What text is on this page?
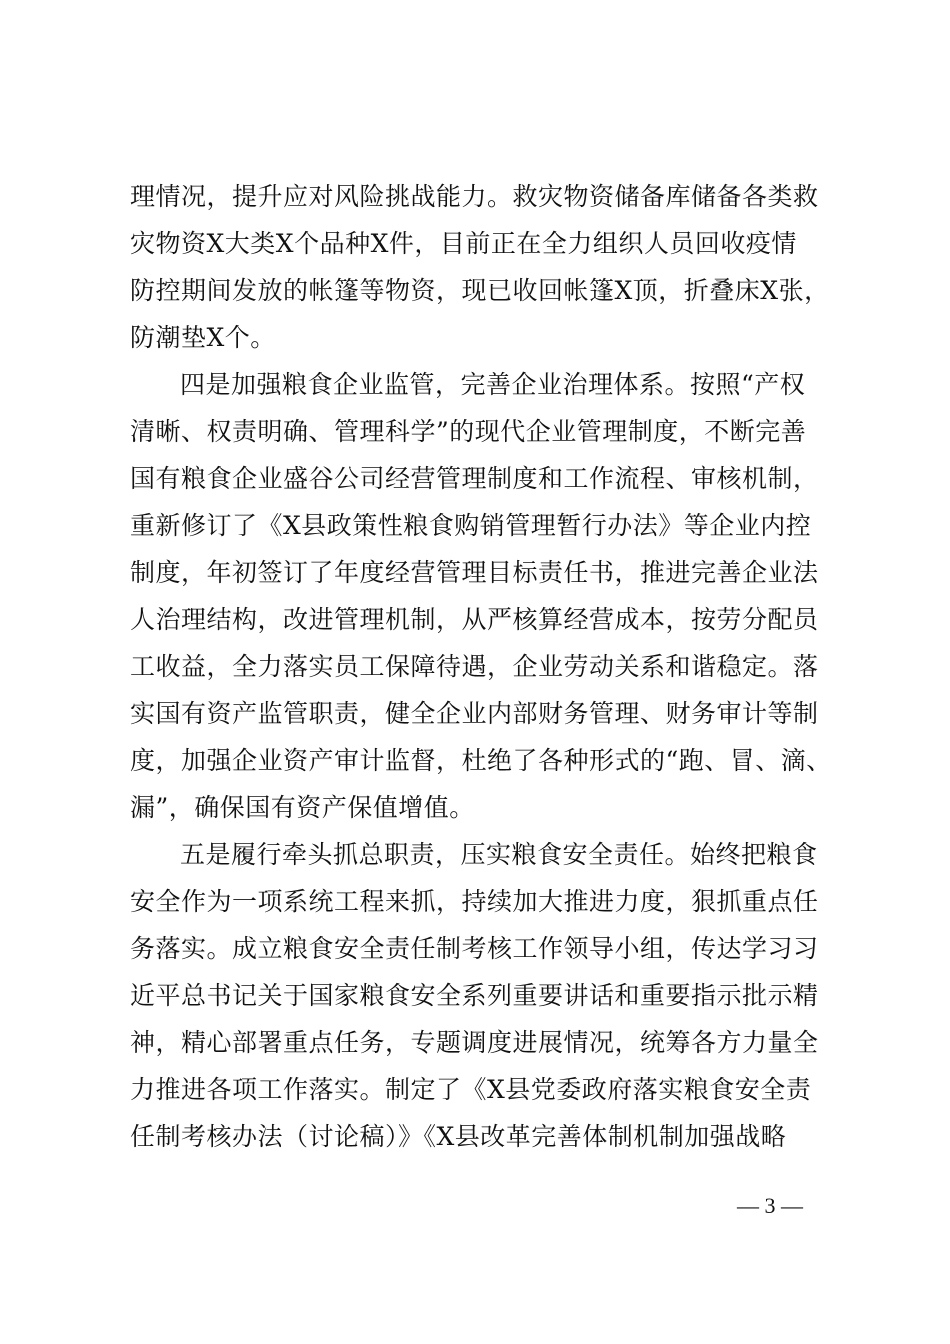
理情况，提升应对风险挑战能力。救灾物资储备库储备各类救
灾物资X大类X个品种X件，目前正在全力组织人员回收疫情
防控期间发放的帐篷等物资，现已收回帐篷X顶，折叠床X张，
防潮垫X个。
四是加强粮食企业监管，完善企业治理体系。按照“产权
清晰、权责明确、管理科学”的现代企业管理制度，不断完善
国有粮食企业盛谷公司经营管理制度和工作流程、审核机制，
重新修订了《X县政策性粮食购销管理暂行办法》等企业内控
制度，年初签订了年度经营管理目标责任书，推进完善企业法
人治理结构，改进管理机制，从严核算经营成本，按劳分配员
工收益，全力落实员工保障待遇，企业劳动关系和谐稳定。落
实国有资产监管职责，健全企业内部财务管理、财务审计等制
度，加强企业资产审计监督，杜绝了各种形式的“跑、冒、滴、
漏”，确保国有资产保值增值。
五是履行牵头抓总职责，压实粮食安全责任。始终把粮食
安全作为一项系统工程来抓，持续加大推进力度，狠抓重点任
务落实。成立粮食安全责任制考核工作领导小组，传达学习习
近平总书记关于国家粮食安全系列重要讲话和重要指示批示精
神，精心部署重点任务，专题调度进展情况，统筹各方力量全
力推进各项工作落实。制定了《X县党委政府落实粮食安全责
任制考核办法（讨论稿）》《X县改革完善体制机制加强战略
— 3 —
